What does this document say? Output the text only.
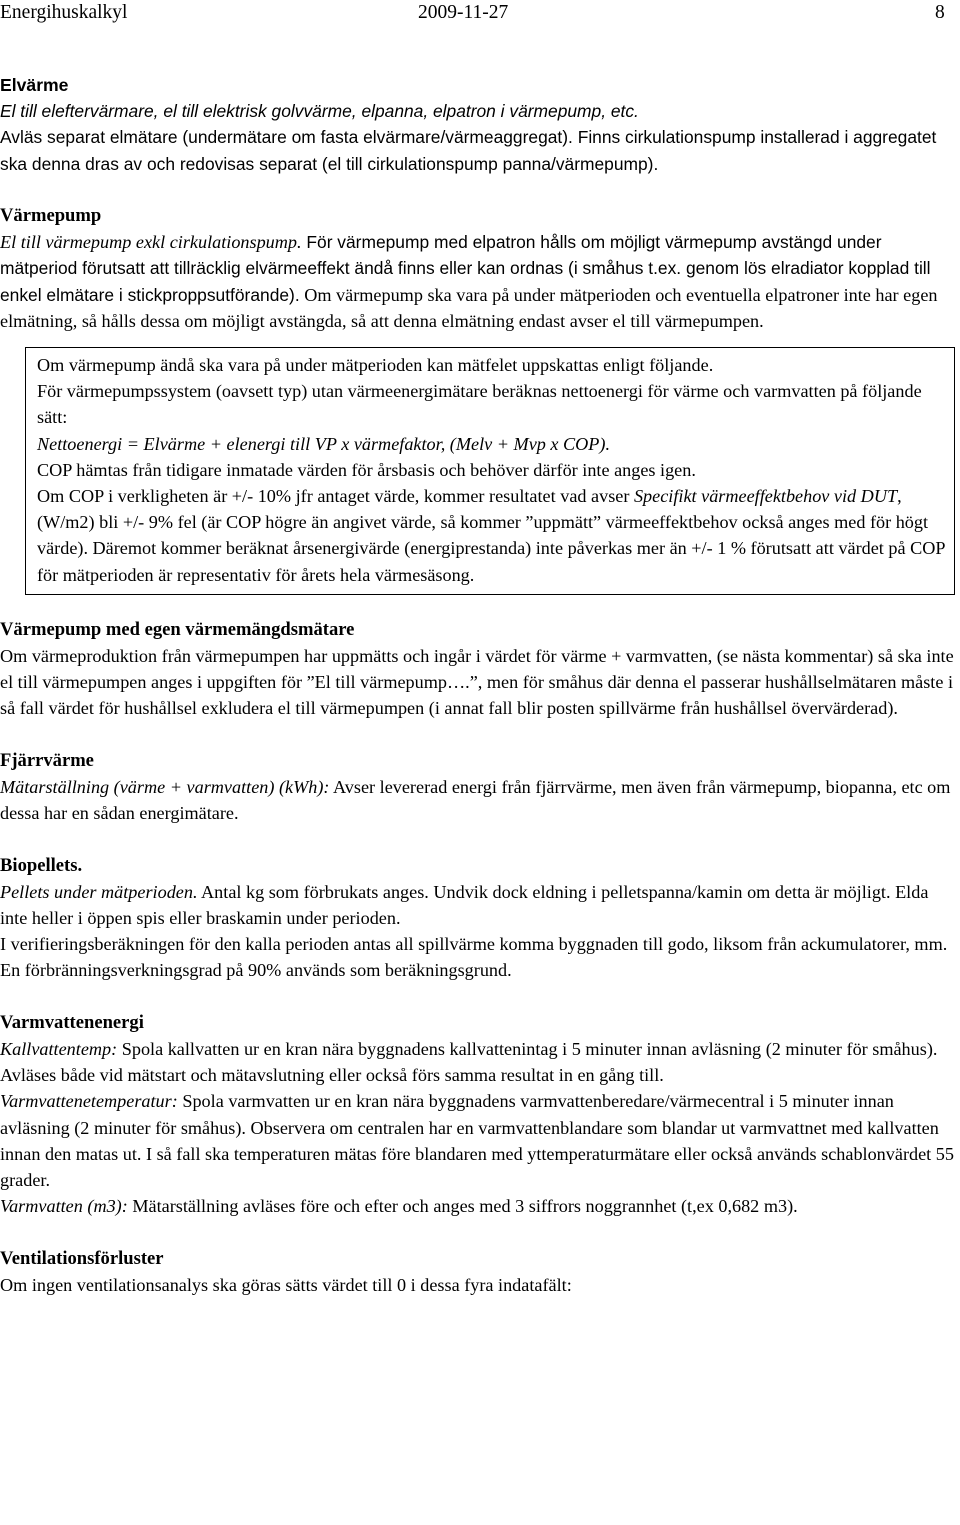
Energihuskalkyl	2009-11-27	8
Elvärme

El till eleftervärmare, el till elektrisk golvvärme, elpanna, elpatron i värmepump, etc.

Avläs separat elmätare (undermätare om fasta elvärmare/värmeaggregat). Finns cirkulationspump installerad i aggregatet ska denna dras av och redovisas separat (el till cirkulationspump panna/värmepump).

Värmepump

El till värmepump exkl cirkulationspump. För värmepump med elpatron hålls om möjligt värmepump avstängd under mätperiod förutsatt att tillräcklig elvärmeeffekt ändå finns eller kan ordnas (i småhus t.ex. genom lös elradiator kopplad till enkel elmätare i stickproppsutförande). Om värmepump ska vara på under mätperioden och eventuella elpatroner inte har egen elmätning, så hålls dessa om möjligt avstängda, så att denna elmätning endast avser el till värmepumpen.

Om värmepump ändå ska vara på under mätperioden kan mätfelet uppskattas enligt följande.

För värmepumpssystem (oavsett typ) utan värmeenergimätare beräknas nettoenergi för värme och varmvatten på följande sätt:

Nettoenergi = Elvärme + elenergi till VP x värmefaktor, (Melv + Mvp x COP).

COP hämtas från tidigare inmatade värden för årsbasis och behöver därför inte anges igen.

Om COP i verkligheten är +/- 10% jfr antaget värde, kommer resultatet vad avser Specifikt värmeeffektbehov vid DUT, (W/m2) bli +/- 9% fel (är COP högre än angivet värde, så kommer ”uppmätt” värmeeffektbehov också anges med för högt värde). Däremot kommer beräknat årsenergivärde (energiprestanda) inte påverkas mer än +/- 1 % förutsatt att värdet på COP för mätperioden är representativ för årets hela värmesäsong.

Värmepump med egen värmemängdsmätare

Om värmeproduktion från värmepumpen har uppmätts och ingår i värdet för värme + varmvatten, (se nästa kommentar) så ska inte el till värmepumpen anges i uppgiften för ”El till värmepump….”, men för småhus där denna el passerar hushållselmätaren måste i så fall värdet för hushållsel exkludera el till värmepumpen (i annat fall blir posten spillvärme från hushållsel övervärderad).

Fjärrvärme

Mätarställning (värme + varmvatten) (kWh): Avser levererad energi från fjärrvärme, men även från värmepump, biopanna, etc om dessa har en sådan energimätare.

Biopellets.

Pellets under mätperioden. Antal kg som förbrukats anges. Undvik dock eldning i pelletspanna/kamin om detta är möjligt. Elda inte heller i öppen spis eller braskamin under perioden.

I verifieringsberäkningen för den kalla perioden antas all spillvärme komma byggnaden till godo, liksom från ackumulatorer, mm. En förbränningsverkningsgrad på 90% används som beräkningsgrund.

Varmvattenenergi

Kallvattentemp: Spola kallvatten ur en kran nära byggnadens kallvattenintag i 5 minuter innan avläsning (2 minuter för småhus). Avläses både vid mätstart och mätavslutning eller också förs samma resultat in en gång till.

Varmvattenetemperatur: Spola varmvatten ur en kran nära byggnadens varmvattenberedare/värmecentral i 5 minuter innan avläsning (2 minuter för småhus). Observera om centralen har en varmvattenblandare som blandar ut varmvattnet med kallvatten innan den matas ut. I så fall ska temperaturen mätas före blandaren med yttemperaturmätare eller också används schablonvärdet 55 grader.

Varmvatten (m3): Mätarställning avläses före och efter och anges med 3 siffrors noggrannhet (t,ex 0,682 m3).

Ventilationsförluster

Om ingen ventilationsanalys ska göras sätts värdet till 0 i dessa fyra indatafält:
